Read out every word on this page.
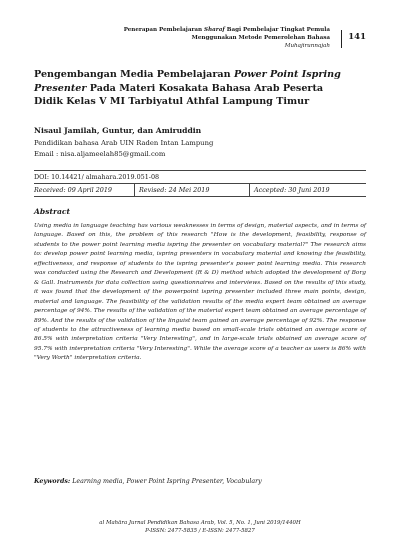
Penerapan Pembelajaran Sharaf Bagi Pembelajar Tingkat Pemula
Menggunakan Metode Pemerolehan Bahasa
Muhajirunnajah
141
Pengembangan Media Pembelajaran Power Point Ispring Presenter Pada Materi Kosakata Bahasa Arab Peserta Didik Kelas V MI Tarbiyatul Athfal Lampung Timur
Nisaul Jamilah, Guntur, dan Amiruddin
Pendidikan bahasa Arab UIN Raden Intan Lampung
Email : nisa.aljameelah85@gmail.com
DOI: 10.14421/ almahara.2019.051-08
Received: 09 April 2019	Revised: 24 Mei 2019	Accepted: 30 Juni 2019
Abstract
Using media in language teaching has various weaknesses in terms of design, material aspects, and in terms of language. Based on this, the problem of this research "How is the development, feasibility, response of students to the power point learning media ispring the presenter on vocabulary material?" The research aims to: develop power point learning media, ispring presenters in vocabulary material and knowing the feasibility, effectiveness, and response of students to the ispring presenter's power point learning media. This research was conducted using the Research and Development (R & D) method which adopted the development of Borg & Gall. Instruments for data collection using questionnaires and interviews. Based on the results of this study, it was found that the development of the powerpoint ispring presenter included three main points, design, material and language. The feasibility of the validation results of the media expert team obtained an average percentage of 94%. The results of the validation of the material expert team obtained an average percentage of 89%. And the results of the validation of the linguist team gained an average percentage of 92%. The response of students to the attractiveness of learning media based on small-scale trials obtained an average score of 86.5% with interpretation criteria "Very Interesting", and in large-scale trials obtained an average score of 95.7% with interpretation criteria "Very Interesting". While the average score of a teacher as users is 86% with "Very Worth" interpretation criteria.
Keywords: Learning media, Power Point Ispring Presenter, Vocabulary
al Mahāra Jurnal Pendidikan Bahasa Arab, Vol. 5, No. 1, Juni 2019/1440H
P-ISSN: 2477-5835 / E-ISSN: 2477-5827
